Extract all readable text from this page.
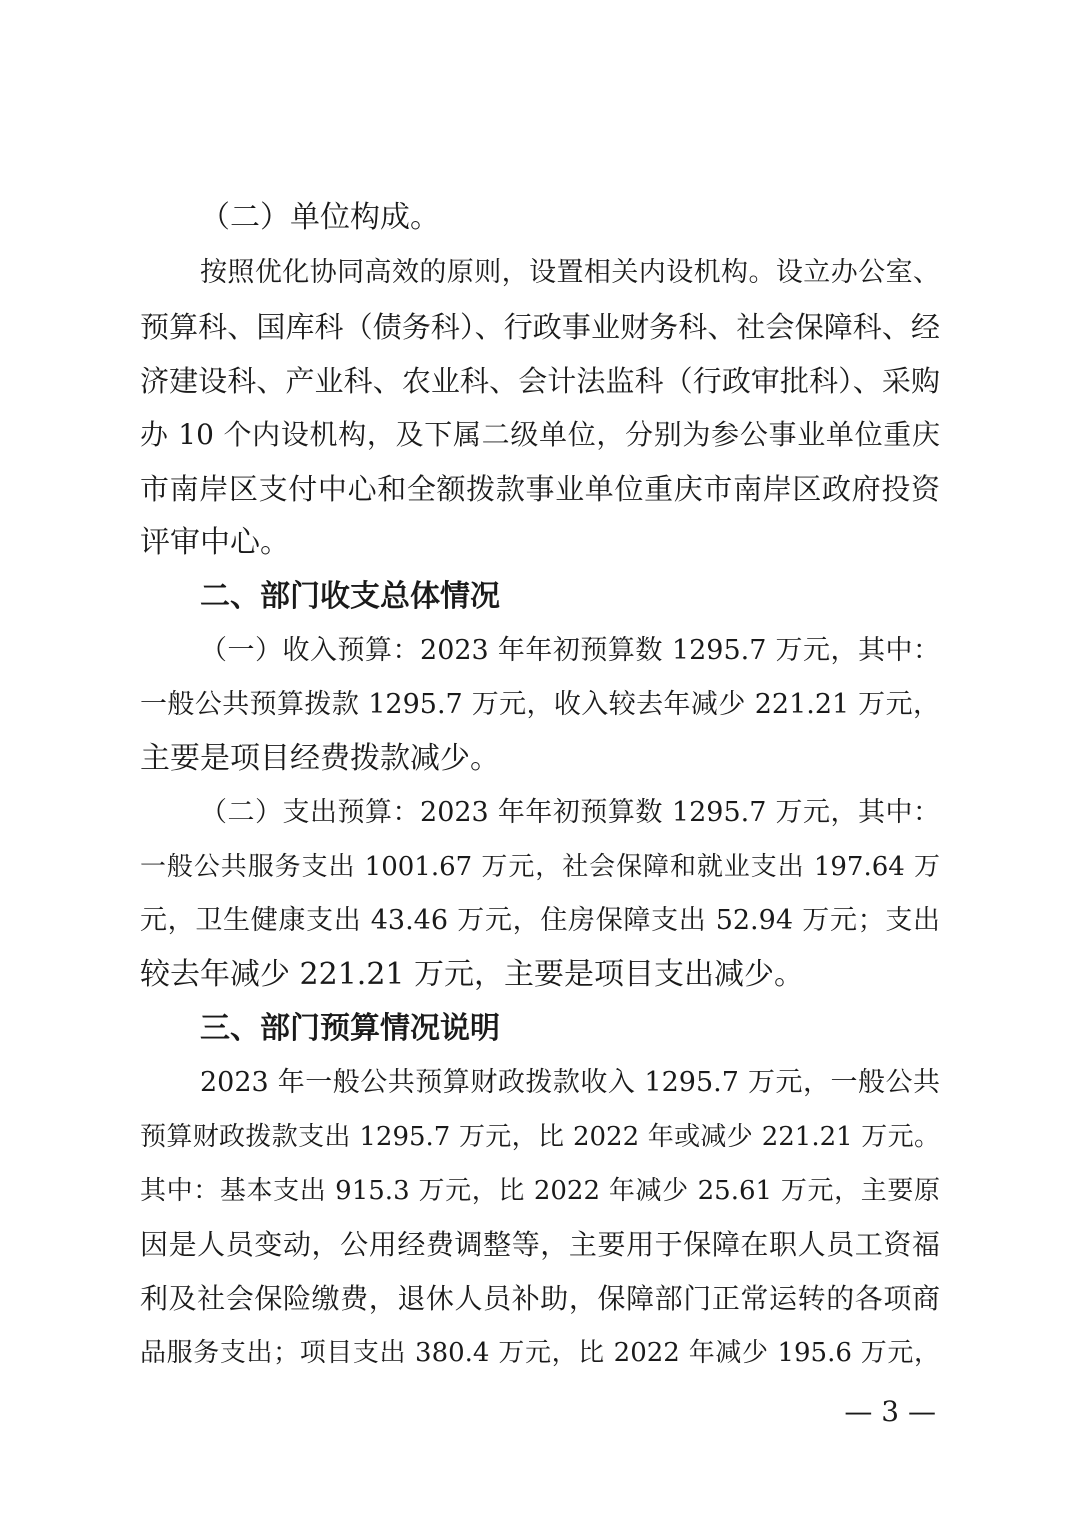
（二）单位构成。
按照优化协同高效的原则，设置相关内设机构。设立办公室、
预算科、国库科（债务科）、行政事业财务科、社会保障科、经
济建设科、产业科、农业科、会计法监科（行政审批科）、采购
办 10 个内设机构，及下属二级单位，分别为参公事业单位重庆
市南岸区支付中心和全额拨款事业单位重庆市南岸区政府投资
评审中心。
二、部门收支总体情况
（一）收入预算：2023 年年初预算数 1295.7 万元，其中：
一般公共预算拨款 1295.7 万元，收入较去年减少 221.21 万元，
主要是项目经费拨款减少。
（二）支出预算：2023 年年初预算数 1295.7 万元，其中：
一般公共服务支出 1001.67 万元，社会保障和就业支出 197.64 万
元，卫生健康支出 43.46 万元，住房保障支出 52.94 万元；支出
较去年减少 221.21 万元，主要是项目支出减少。
三、部门预算情况说明
2023 年一般公共预算财政拨款收入 1295.7 万元，一般公共
预算财政拨款支出 1295.7 万元，比 2022 年或减少 221.21 万元。
其中：基本支出 915.3 万元，比 2022 年减少 25.61 万元，主要原
因是人员变动，公用经费调整等，主要用于保障在职人员工资福
利及社会保险缴费，退休人员补助，保障部门正常运转的各项商
品服务支出；项目支出 380.4 万元，比 2022 年减少 195.6 万元，
— 3 —
